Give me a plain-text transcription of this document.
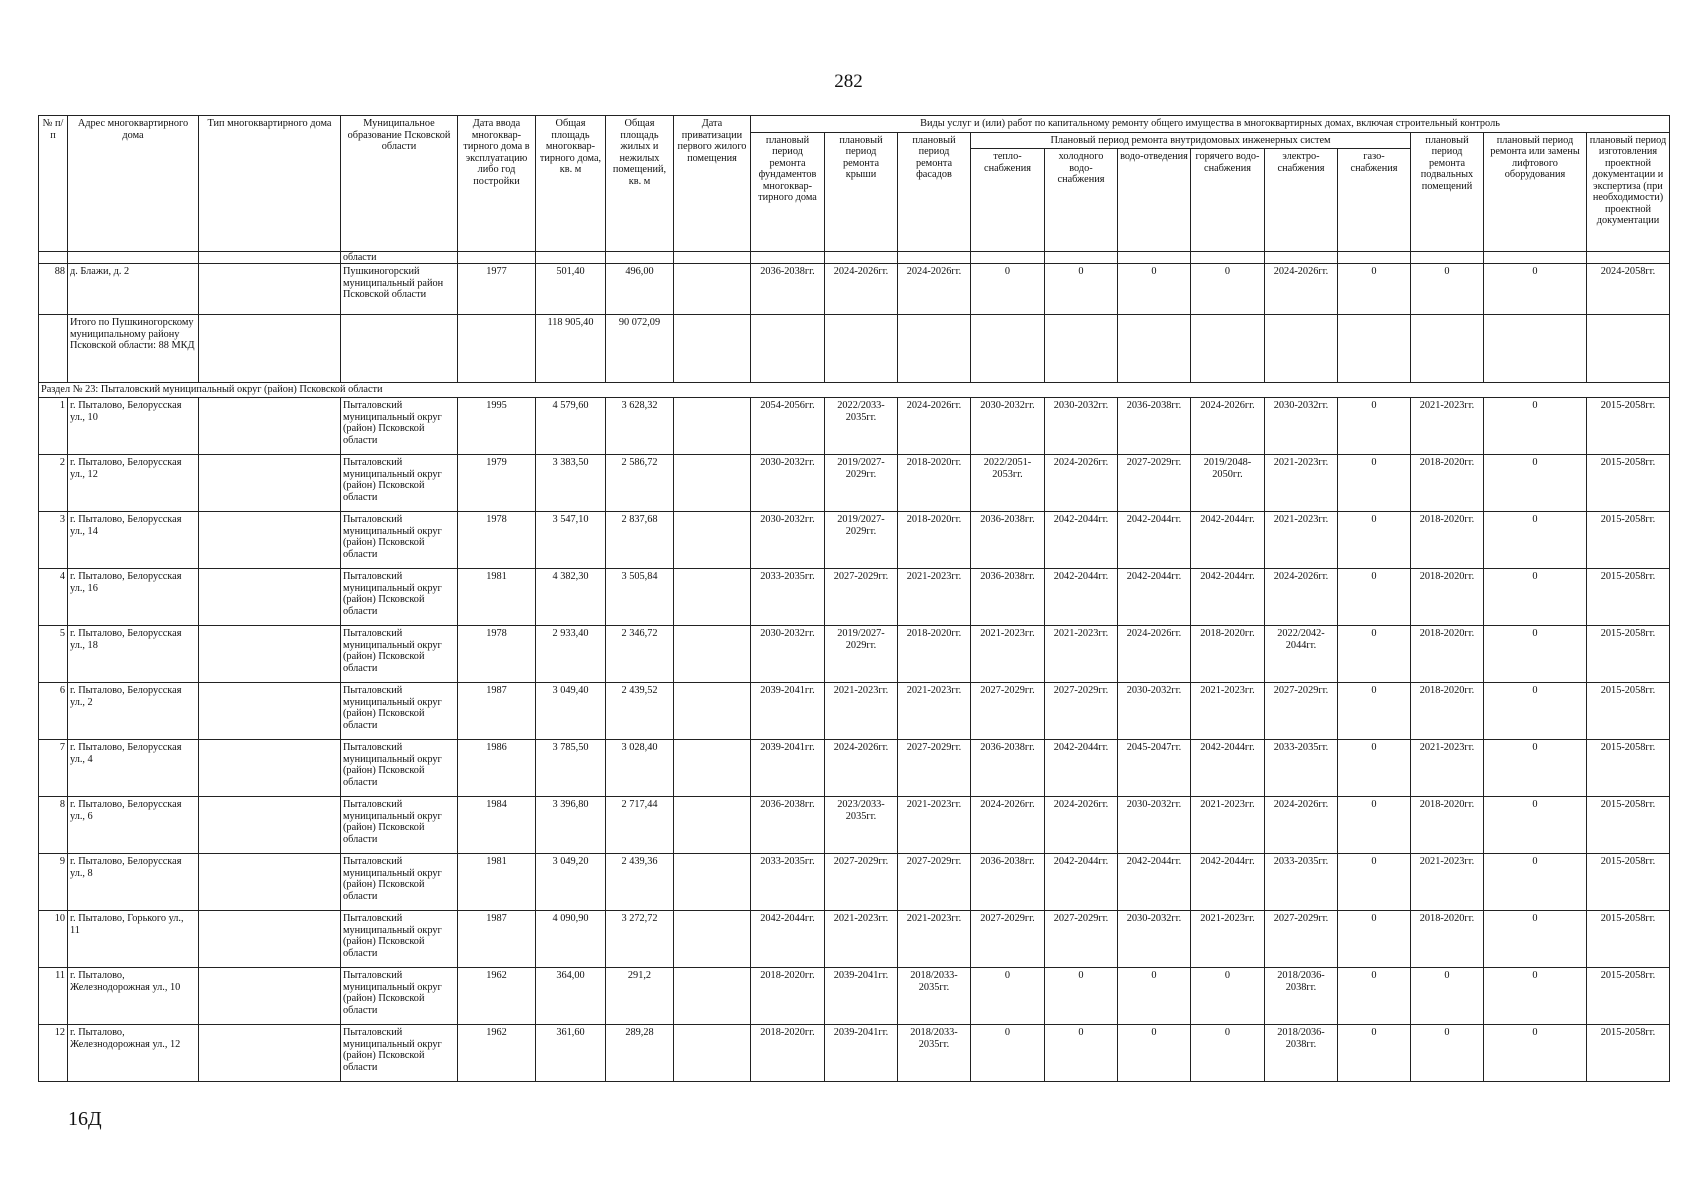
282
№ п/п	Адрес многоквартирного дома	Тип многоквартирного дома	Муниципальное образование Псковской области	Дата ввода многоквар-тирного дома в эксплуатацию либо год постройки	Общая площадь многоквар-тирного дома, кв. м	Общая площадь жилых и нежилых помещений, кв. м	Дата приватизации первого жилого помещения	Виды услуг и (или) работ по капитальному ремонту общего имущества в многоквартирных домах, включая строительный контроль											
								плановый период ремонта фундаментов многоквар-тирного дома	плановый период ремонта крыши	плановый период ремонта фасадов	Плановый период ремонта внутридомовых инженерных систем						плановый период ремонта подвальных помещений	плановый период ремонта или замены лифтового оборудования	плановый период изготовления проектной документации и экспертиза (при необходимости) проектной документации
											тепло-снабжения	холодного водо-снабжения	водо-отведения	горячего водо-снабжения	электро-снабжения	газо-снабжения			
			области																
88	д. Блажи, д. 2		Пушкиногорский муниципальный район Псковской области	1977	501,40	496,00		2036-2038гг.	2024-2026гг.	2024-2026гг.	0	0	0	0	2024-2026гг.	0	0	0	2024-2058гг.
	Итого по Пушкиногорскому муниципальному району Псковской области: 88 МКД				118 905,40	90 072,09													
Раздел № 23: Пыталовский муниципальный округ (район) Псковской области																			
1	г. Пыталово, Белорусская ул., 10		Пыталовский муниципальный округ (район) Псковской области	1995	4 579,60	3 628,32		2054-2056гг.	2022/2033-2035гг.	2024-2026гг.	2030-2032гг.	2030-2032гг.	2036-2038гг.	2024-2026гг.	2030-2032гг.	0	2021-2023гг.	0	2015-2058гг.
2	г. Пыталово, Белорусская ул., 12		Пыталовский муниципальный округ (район) Псковской области	1979	3 383,50	2 586,72		2030-2032гг.	2019/2027-2029гг.	2018-2020гг.	2022/2051-2053гг.	2024-2026гг.	2027-2029гг.	2019/2048-2050гг.	2021-2023гг.	0	2018-2020гг.	0	2015-2058гг.
3	г. Пыталово, Белорусская ул., 14		Пыталовский муниципальный округ (район) Псковской области	1978	3 547,10	2 837,68		2030-2032гг.	2019/2027-2029гг.	2018-2020гг.	2036-2038гг.	2042-2044гг.	2042-2044гг.	2042-2044гг.	2021-2023гг.	0	2018-2020гг.	0	2015-2058гг.
4	г. Пыталово, Белорусская ул., 16		Пыталовский муниципальный округ (район) Псковской области	1981	4 382,30	3 505,84		2033-2035гг.	2027-2029гг.	2021-2023гг.	2036-2038гг.	2042-2044гг.	2042-2044гг.	2042-2044гг.	2024-2026гг.	0	2018-2020гг.	0	2015-2058гг.
5	г. Пыталово, Белорусская ул., 18		Пыталовский муниципальный округ (район) Псковской области	1978	2 933,40	2 346,72		2030-2032гг.	2019/2027-2029гг.	2018-2020гг.	2021-2023гг.	2021-2023гг.	2024-2026гг.	2018-2020гг.	2022/2042-2044гг.	0	2018-2020гг.	0	2015-2058гг.
6	г. Пыталово, Белорусская ул., 2		Пыталовский муниципальный округ (район) Псковской области	1987	3 049,40	2 439,52		2039-2041гг.	2021-2023гг.	2021-2023гг.	2027-2029гг.	2027-2029гг.	2030-2032гг.	2021-2023гг.	2027-2029гг.	0	2018-2020гг.	0	2015-2058гг.
7	г. Пыталово, Белорусская ул., 4		Пыталовский муниципальный округ (район) Псковской области	1986	3 785,50	3 028,40		2039-2041гг.	2024-2026гг.	2027-2029гг.	2036-2038гг.	2042-2044гг.	2045-2047гг.	2042-2044гг.	2033-2035гг.	0	2021-2023гг.	0	2015-2058гг.
8	г. Пыталово, Белорусская ул., 6		Пыталовский муниципальный округ (район) Псковской области	1984	3 396,80	2 717,44		2036-2038гг.	2023/2033-2035гг.	2021-2023гг.	2024-2026гг.	2024-2026гг.	2030-2032гг.	2021-2023гг.	2024-2026гг.	0	2018-2020гг.	0	2015-2058гг.
9	г. Пыталово, Белорусская ул., 8		Пыталовский муниципальный округ (район) Псковской области	1981	3 049,20	2 439,36		2033-2035гг.	2027-2029гг.	2027-2029гг.	2036-2038гг.	2042-2044гг.	2042-2044гг.	2042-2044гг.	2033-2035гг.	0	2021-2023гг.	0	2015-2058гг.
10	г. Пыталово, Горького ул., 11		Пыталовский муниципальный округ (район) Псковской области	1987	4 090,90	3 272,72		2042-2044гг.	2021-2023гг.	2021-2023гг.	2027-2029гг.	2027-2029гг.	2030-2032гг.	2021-2023гг.	2027-2029гг.	0	2018-2020гг.	0	2015-2058гг.
11	г. Пыталово, Железнодорожная ул., 10		Пыталовский муниципальный округ (район) Псковской области	1962	364,00	291,2		2018-2020гг.	2039-2041гг.	2018/2033-2035гг.	0	0	0	0	2018/2036-2038гг.	0	0	0	2015-2058гг.
12	г. Пыталово, Железнодорожная ул., 12		Пыталовский муниципальный округ (район) Псковской области	1962	361,60	289,28		2018-2020гг.	2039-2041гг.	2018/2033-2035гг.	0	0	0	0	2018/2036-2038гг.	0	0	0	2015-2058гг.
16Д
